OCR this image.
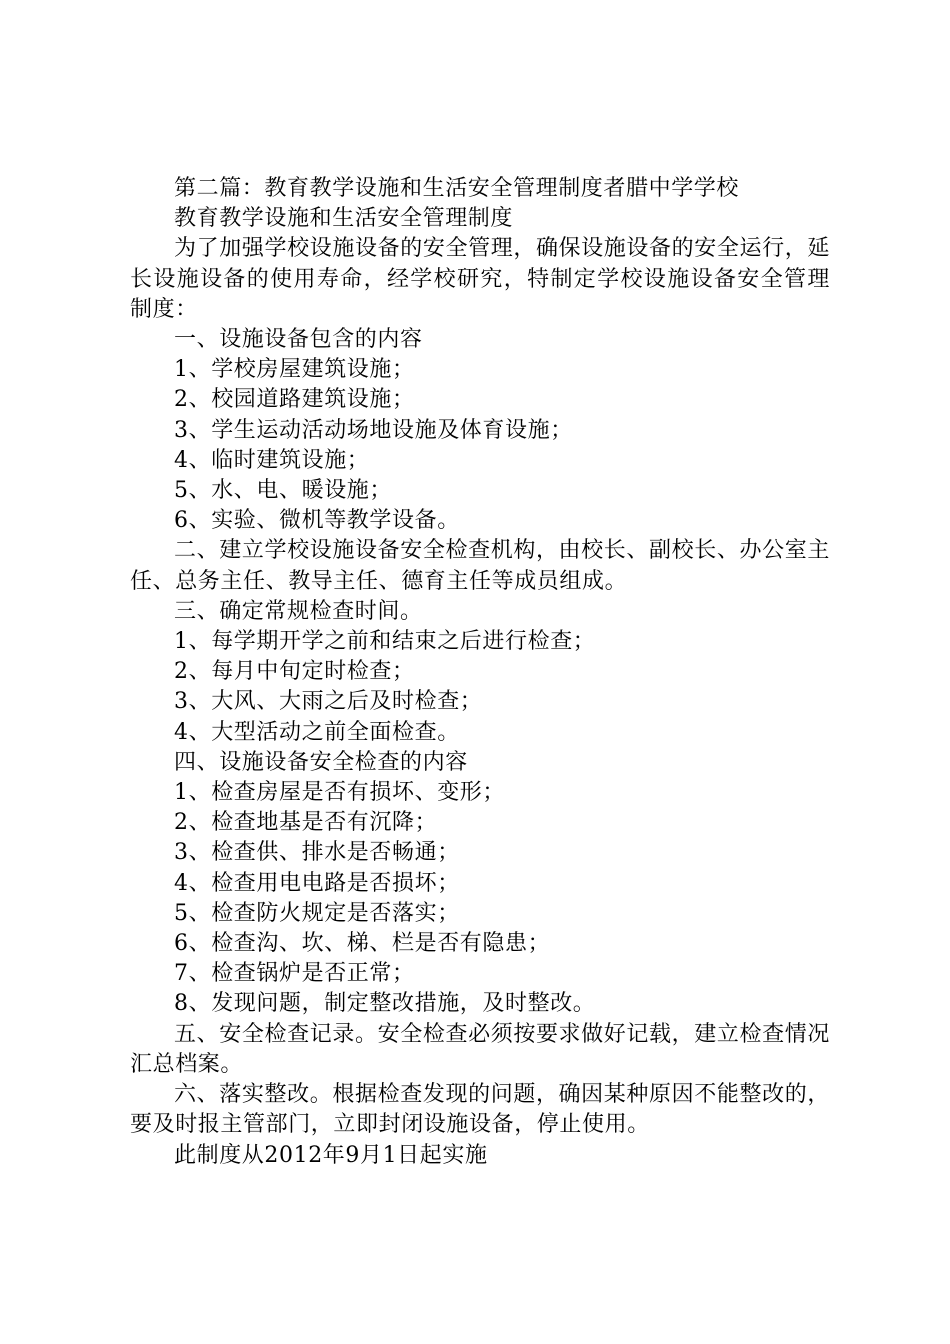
第二篇：教育教学设施和生活安全管理制度者腊中学学校

教育教学设施和生活安全管理制度

为了加强学校设施设备的安全管理，确保设施设备的安全运行，延长设施设备的使用寿命，经学校研究，特制定学校设施设备安全管理制度：

一、设施设备包含的内容

1、学校房屋建筑设施；

2、校园道路建筑设施；

3、学生运动活动场地设施及体育设施；

4、临时建筑设施；

5、水、电、暖设施；

6、实验、微机等教学设备。

二、建立学校设施设备安全检查机构，由校长、副校长、办公室主任、总务主任、教导主任、德育主任等成员组成。

三、确定常规检查时间。

1、每学期开学之前和结束之后进行检查；

2、每月中旬定时检查；

3、大风、大雨之后及时检查；

4、大型活动之前全面检查。

四、设施设备安全检查的内容

1、检查房屋是否有损坏、变形；

2、检查地基是否有沉降；

3、检查供、排水是否畅通；

4、检查用电电路是否损坏；

5、检查防火规定是否落实；

6、检查沟、坎、梯、栏是否有隐患；

7、检查锅炉是否正常；

8、发现问题，制定整改措施，及时整改。

五、安全检查记录。安全检查必须按要求做好记载，建立检查情况汇总档案。

六、落实整改。根据检查发现的问题，确因某种原因不能整改的，要及时报主管部门，立即封闭设施设备，停止使用。

此制度从2012年9月1日起实施
